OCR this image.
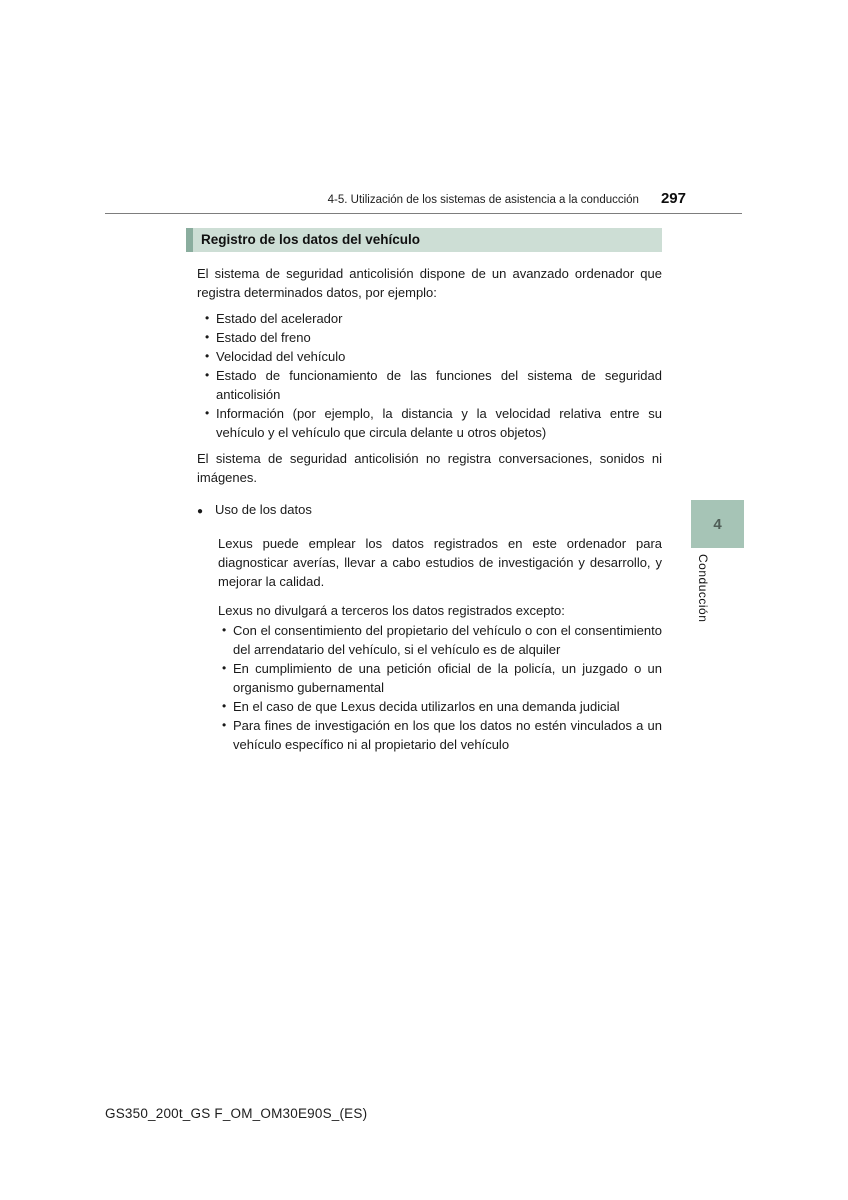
4-5. Utilización de los sistemas de asistencia a la conducción 297
Registro de los datos del vehículo

El sistema de seguridad anticolisión dispone de un avanzado ordenador que registra determinados datos, por ejemplo:

• Estado del acelerador
• Estado del freno
• Velocidad del vehículo
• Estado de funcionamiento de las funciones del sistema de seguridad anticolisión
• Información (por ejemplo, la distancia y la velocidad relativa entre su vehículo y el vehículo que circula delante u otros objetos)

El sistema de seguridad anticolisión no registra conversaciones, sonidos ni imágenes.

● Uso de los datos

Lexus puede emplear los datos registrados en este ordenador para diagnosticar averías, llevar a cabo estudios de investigación y desarrollo, y mejorar la calidad.

Lexus no divulgará a terceros los datos registrados excepto:

• Con el consentimiento del propietario del vehículo o con el consentimiento del arrendatario del vehículo, si el vehículo es de alquiler
• En cumplimiento de una petición oficial de la policía, un juzgado o un organismo gubernamental
• En el caso de que Lexus decida utilizarlos en una demanda judicial
• Para fines de investigación en los que los datos no estén vinculados a un vehículo específico ni al propietario del vehículo
4
Conducción
GS350_200t_GS F_OM_OM30E90S_(ES)
